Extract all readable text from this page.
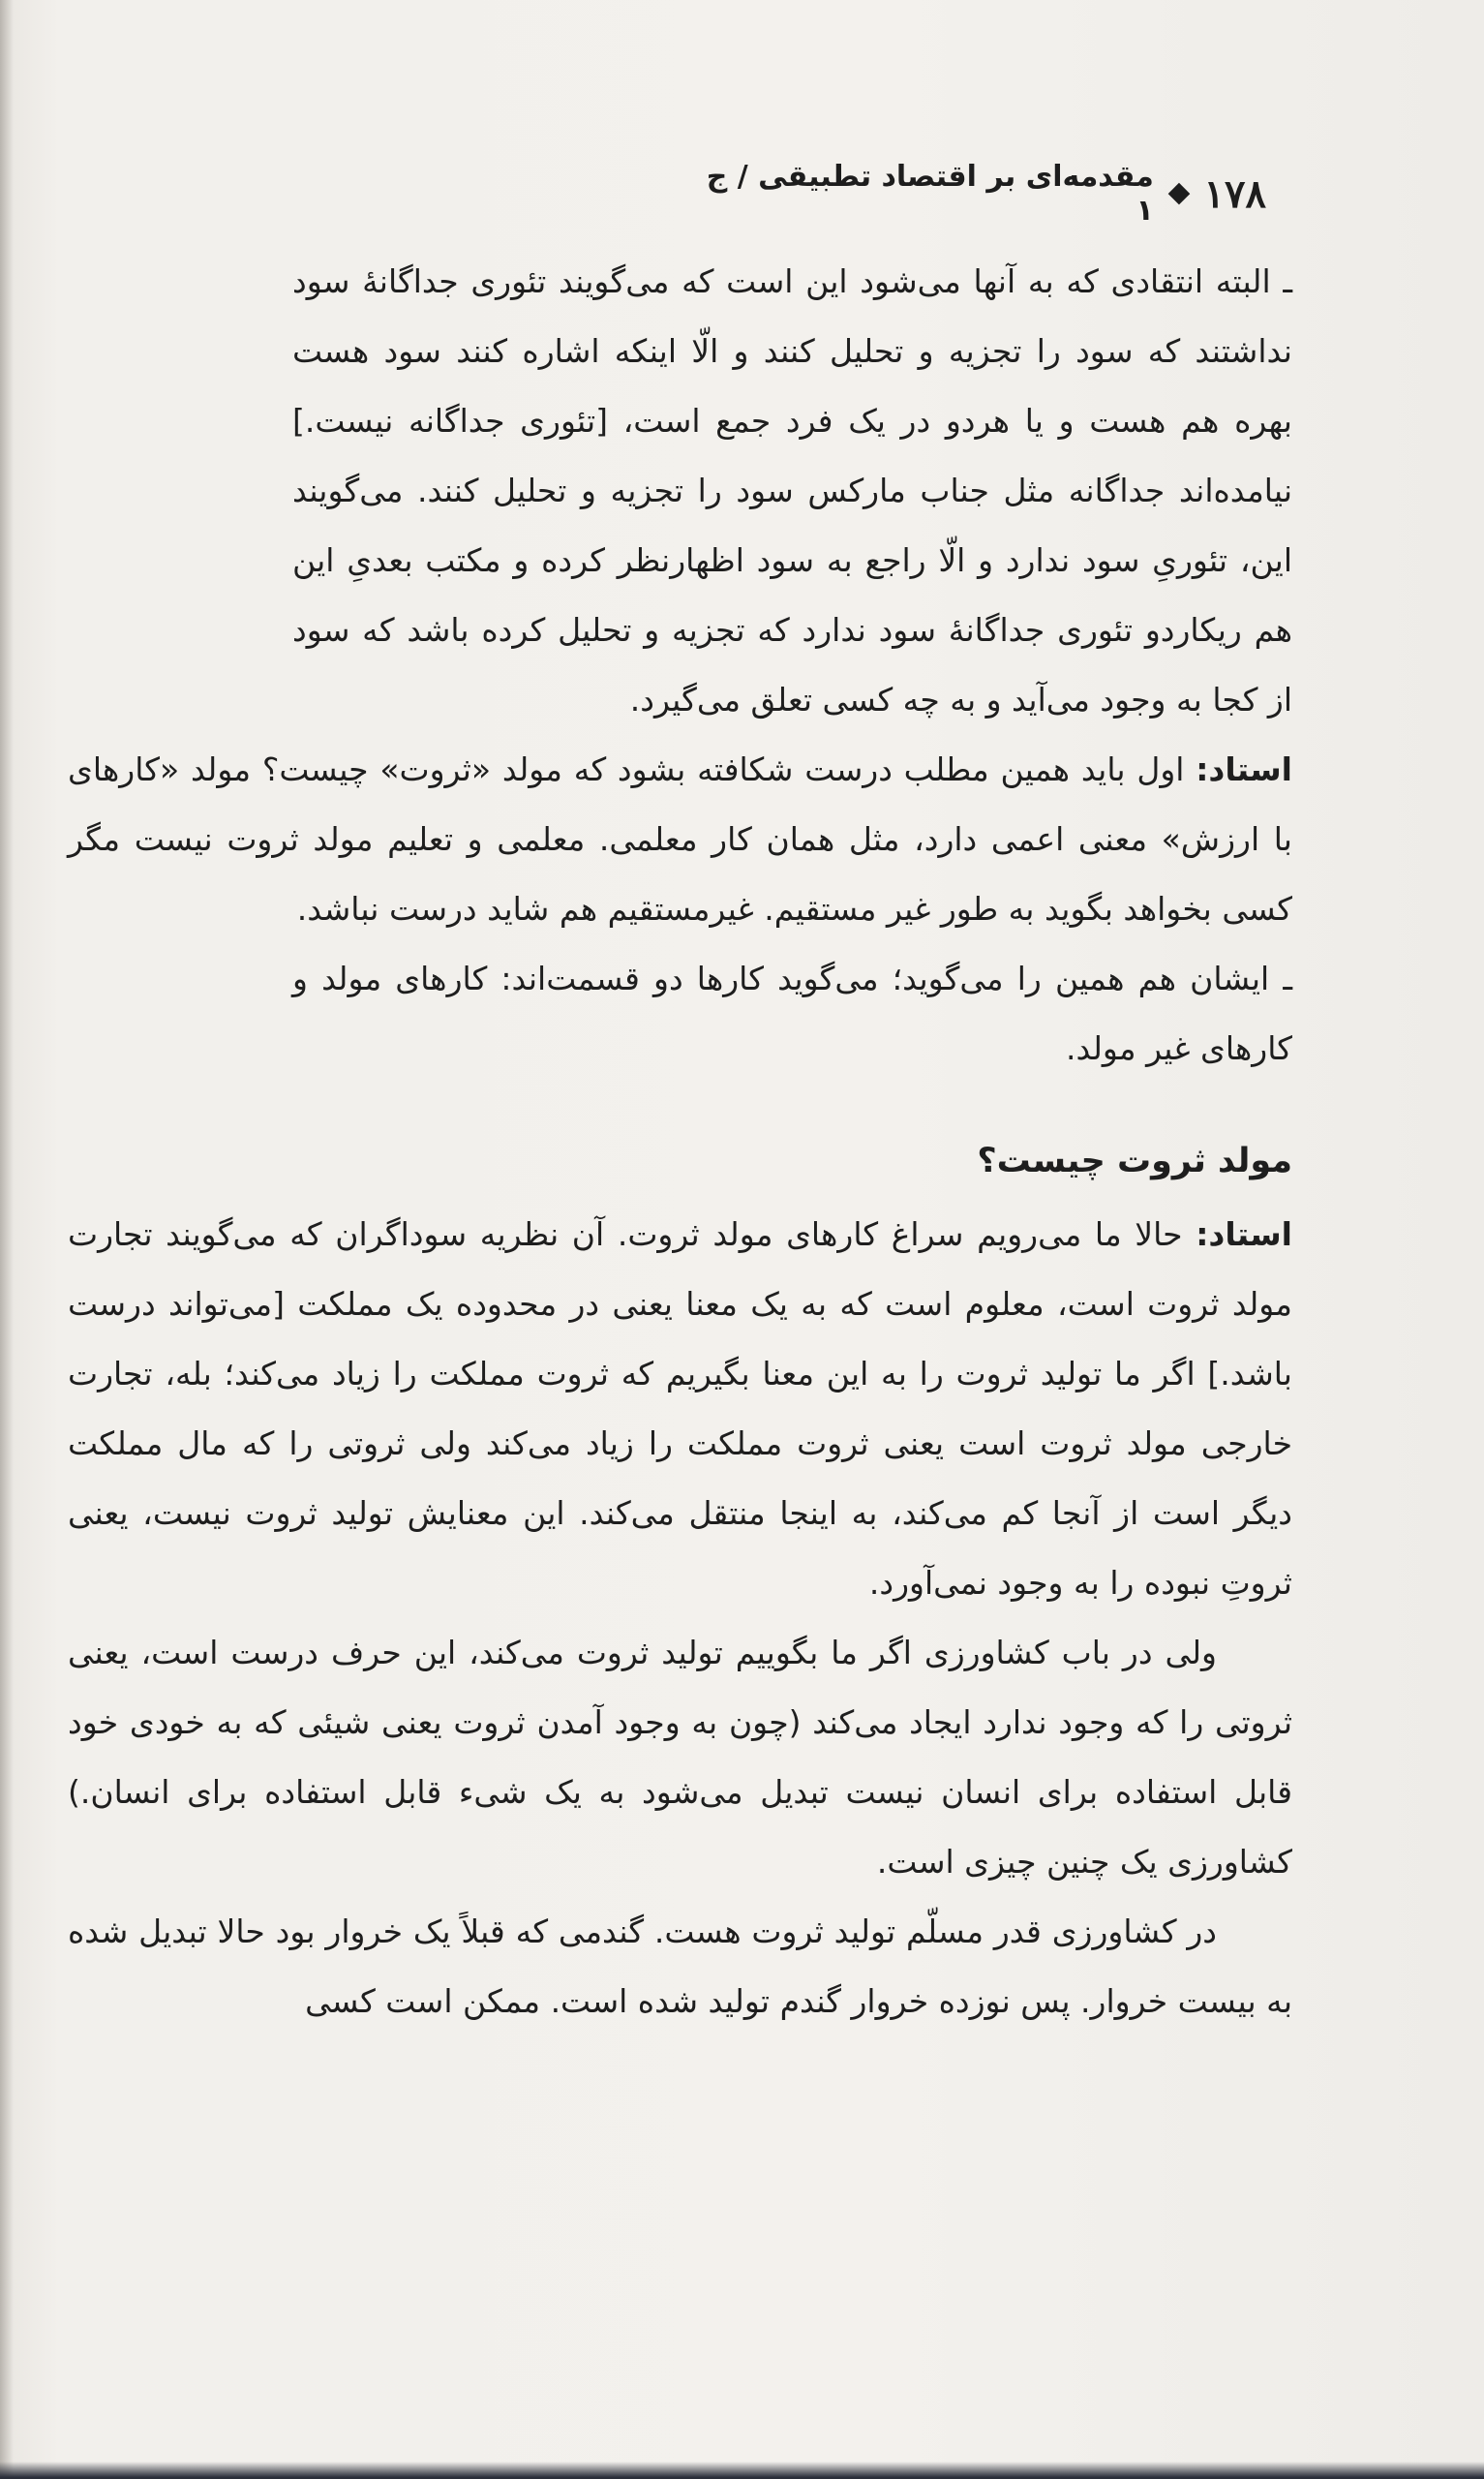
۱۷۸
مقدمه‌ای بر اقتصاد تطبیقی / ج ۱

ـ البته انتقادی که به آنها می‌شود این است که می‌گویند تئوری جداگانۀ سود نداشتند که سود را تجزیه و تحلیل کنند و الّا اینکه اشاره کنند سود هست بهره هم هست و یا هردو در یک فرد جمع است، [تئوری جداگانه نیست.] نیامده‌اند جداگانه مثل جناب مارکس سود را تجزیه و تحلیل کنند. می‌گویند این، تئوریِ سود ندارد و الّا راجع به سود اظهارنظر کرده و مکتب بعدیِ این هم ریکاردو تئوری جداگانۀ سود ندارد که تجزیه و تحلیل کرده باشد که سود از کجا به وجود می‌آید و به چه کسی تعلق می‌گیرد.

استاد: اول باید همین مطلب درست شکافته بشود که مولد «ثروت» چیست؟ مولد «کارهای با ارزش» معنی اعمی دارد، مثل همان کار معلمی. معلمی و تعلیم مولد ثروت نیست مگر کسی بخواهد بگوید به طور غیر مستقیم. غیرمستقیم هم شاید درست نباشد.

ـ ایشان هم همین را می‌گوید؛ می‌گوید کارها دو قسمت‌اند: کارهای مولد و کارهای غیر مولد.

مولد ثروت چیست؟

استاد: حالا ما می‌رویم سراغ کارهای مولد ثروت. آن نظریه سوداگران که می‌گویند تجارت مولد ثروت است، معلوم است که به یک معنا یعنی در محدوده یک مملکت [می‌تواند درست باشد.] اگر ما تولید ثروت را به این معنا بگیریم که ثروت مملکت را زیاد می‌کند؛ بله، تجارت خارجی مولد ثروت است یعنی ثروت مملکت را زیاد می‌کند ولی ثروتی را که مال مملکت دیگر است از آنجا کم می‌کند، به اینجا منتقل می‌کند. این معنایش تولید ثروت نیست، یعنی ثروتِ نبوده را به وجود نمی‌آورد.

ولی در باب کشاورزی اگر ما بگوییم تولید ثروت می‌کند، این حرف درست است، یعنی ثروتی را که وجود ندارد ایجاد می‌کند (چون به وجود آمدن ثروت یعنی شیئی که به خودی خود قابل استفاده برای انسان نیست تبدیل می‌شود به یک شیء قابل استفاده برای انسان.) کشاورزی یک چنین چیزی است.

در کشاورزی قدر مسلّم تولید ثروت هست. گندمی که قبلاً یک خروار بود حالا تبدیل شده به بیست خروار. پس نوزده خروار گندم تولید شده است. ممکن است کسی
